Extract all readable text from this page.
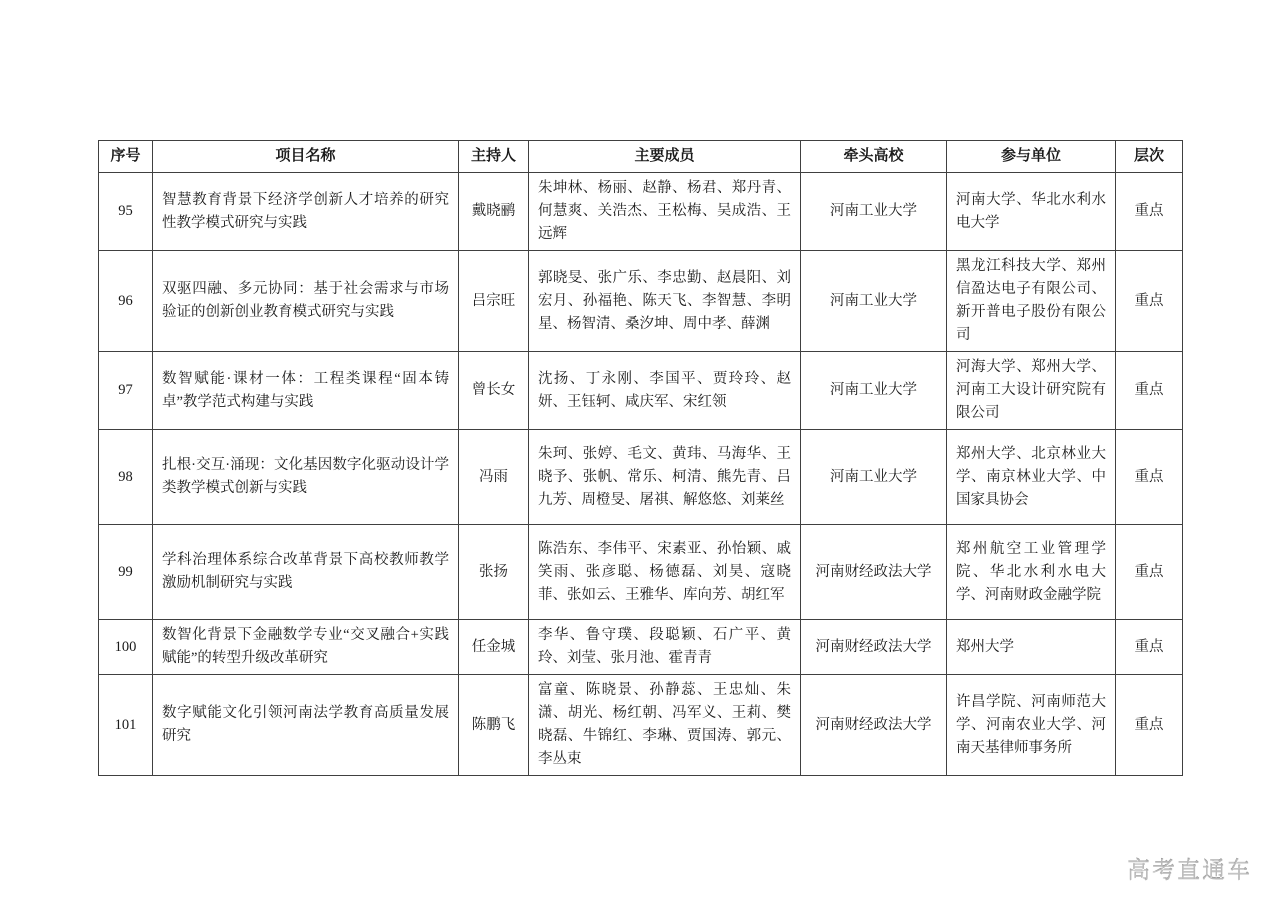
序号	项目名称	主持人	主要成员	牵头高校	参与单位	层次
95	智慧教育背景下经济学创新人才培养的研究性教学模式研究与实践	戴晓鹂	朱坤林、杨丽、赵静、杨君、郑丹青、何慧爽、关浩杰、王松梅、吴成浩、王远辉	河南工业大学	河南大学、华北水利水电大学	重点
96	双驱四融、多元协同：基于社会需求与市场验证的创新创业教育模式研究与实践	吕宗旺	郭晓旻、张广乐、李忠勤、赵晨阳、刘宏月、孙福艳、陈天飞、李智慧、李明星、杨智清、桑汐坤、周中孝、薛渊	河南工业大学	黑龙江科技大学、郑州信盈达电子有限公司、新开普电子股份有限公司	重点
97	数智赋能·课材一体：工程类课程“固本铸卓”教学范式构建与实践	曾长女	沈扬、丁永刚、李国平、贾玲玲、赵妍、王钰轲、咸庆军、宋红领	河南工业大学	河海大学、郑州大学、河南工大设计研究院有限公司	重点
98	扎根·交互·涌现：文化基因数字化驱动设计学类教学模式创新与实践	冯雨	朱珂、张婷、毛文、黄玮、马海华、王晓予、张帆、常乐、柯清、熊先青、吕九芳、周橙旻、屠祺、解悠悠、刘莱丝	河南工业大学	郑州大学、北京林业大学、南京林业大学、中国家具协会	重点
99	学科治理体系综合改革背景下高校教师教学激励机制研究与实践	张扬	陈浩东、李伟平、宋素亚、孙怡颖、戚笑雨、张彦聪、杨德磊、刘昊、寇晓菲、张如云、王雅华、库向芳、胡红军	河南财经政法大学	郑州航空工业管理学院、华北水利水电大学、河南财政金融学院	重点
100	数智化背景下金融数学专业“交叉融合+实践赋能”的转型升级改革研究	任金城	李华、鲁守璞、段聪颖、石广平、黄玲、刘莹、张月池、霍青青	河南财经政法大学	郑州大学	重点
101	数字赋能文化引领河南法学教育高质量发展研究	陈鹏飞	富童、陈晓景、孙静蕊、王忠灿、朱潇、胡光、杨红朝、冯军义、王莉、樊晓磊、牛锦红、李琳、贾国涛、郭元、李丛束	河南财经政法大学	许昌学院、河南师范大学、河南农业大学、河南天基律师事务所	重点
高考直通车
